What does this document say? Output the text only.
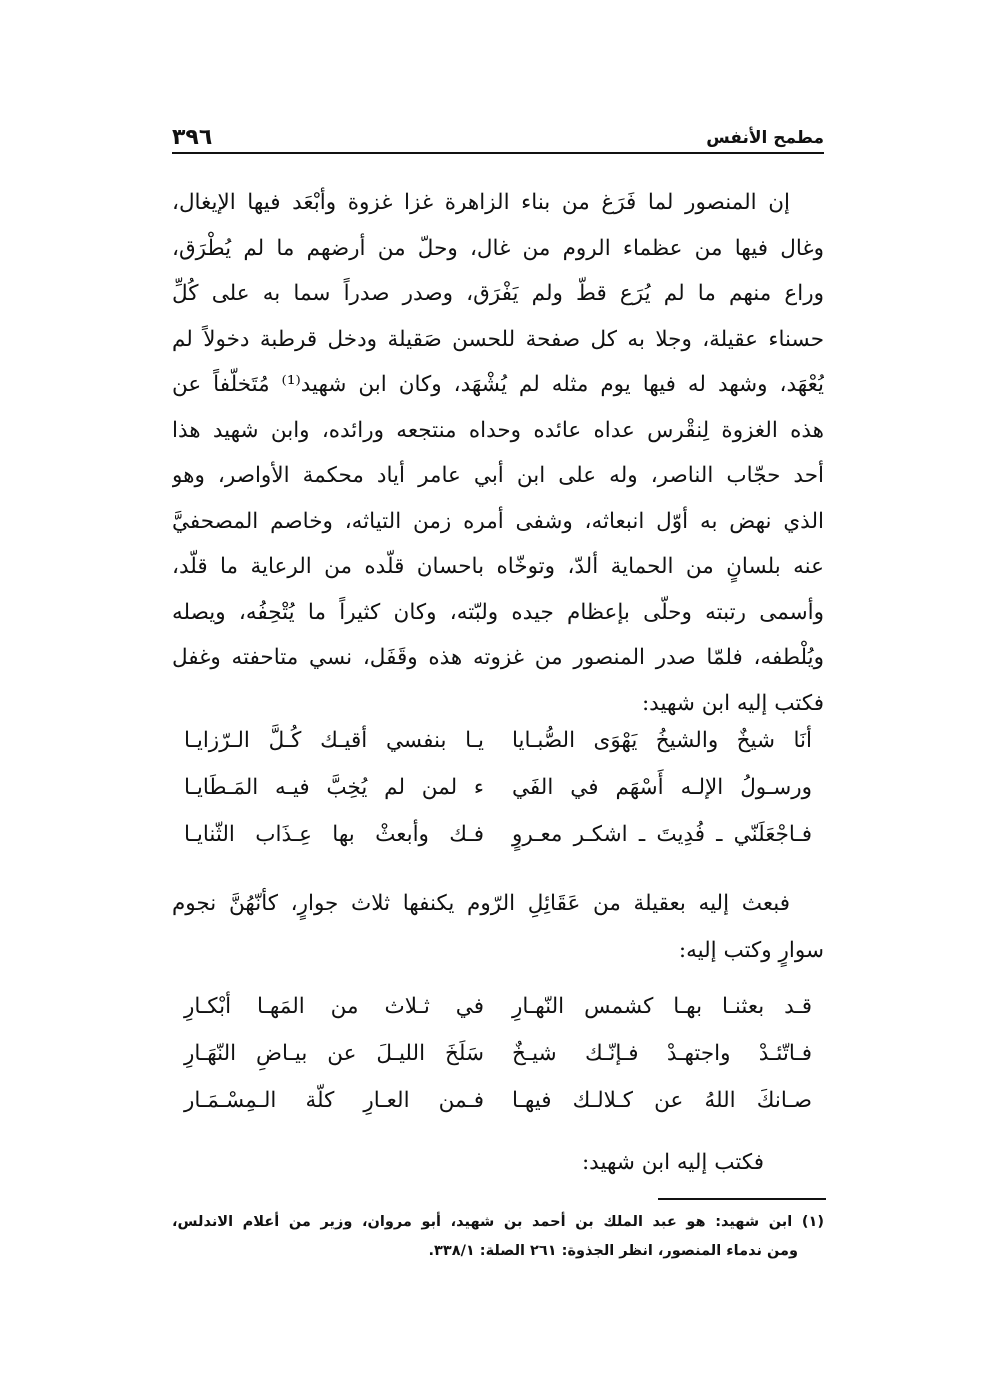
مطمح الأنفس
٣٩٦
إن المنصور لما فَرَغ من بناء الزاهرة غزا غزوة وأبْعَد فيها الإيغال،
وغال فيها من عظماء الروم من غال، وحلّ من أرضهم ما لم يُطْرَق،
وراع منهم ما لم يُرَع قطّ ولم يَفْرَق، وصدر صدراً سما به على كُلِّ
حسناء عقيلة، وجلا به كل صفحة للحسن صَقيلة ودخل قرطبة دخولاً لم
يُعْهَد، وشهد له فيها يوم مثله لم يُشْهَد، وكان ابن شهيد⁽¹⁾ مُتَخلّفاً عن
هذه الغزوة لِنقْرس عداه عائده وحداه منتجعه ورائده، وابن شهيد هذا
أحد حجّاب الناصر، وله على ابن أبي عامر أياد محكمة الأواصر، وهو
الذي نهض به أوّل انبعاثه، وشفى أمره زمن التياثه، وخاصم المصحفيَّ
عنه بلسانٍ من الحماية ألدّ، وتوخّاه باحسان قلّده من الرعاية ما قلّد،
وأسمى رتبته وحلّى بإعظام جيده ولبّته، وكان كثيراً ما يُتْحِفُه، ويصله
ويُلْطفه، فلمّا صدر المنصور من غزوته هذه وقَفَل، نسي متاحفته وغفل
فكتب إليه ابن شهيد:
أنَا شيخٌ والشيخُ يَهْوَى الصُّبـايا
يـا بنفسي أقيـك كُـلَّ الـرّزايـا
ورسـولُ الإلـه أَسْهَم في الفَي
ء لمن لم يُخِبَّ فيـه المَـطَايـا
فـاجْعَلَنّي ـ فُدِيتَ ـ اشكـر معـروٍ
فـك وأبعثْ بها عِـذَاب الثّنايـا
فبعث إليه بعقيلة من عَقَائِلِ الرّوم يكنفها ثلاث جوارٍ، كأنّهُنَّ نجوم
سوارٍ وكتب إليه:
قـد بعثنـا بهـا كشمس النّهـارِ
في ثـلاث من المَهـا أبْكـارِ
فـاتّئـدْ واجتهـدْ فـإنّـك شيـخٌ
سَلَخَ الليـلَ عن بيـاضِ النّهَـارِ
صـانكَ اللهُ عن كـلالـك فيهـا
فـمن العـارِ كلّة الـمِسْـمَـار
فكتب إليه ابن شهيد:
(١) ابن شهيد: هو عبد الملك بن أحمد بن شهيد، أبو مروان، وزير من أعلام الاندلس،
ومن ندماء المنصور، انظر الجذوة: ٢٦١ الصلة: ٣٣٨/١.
